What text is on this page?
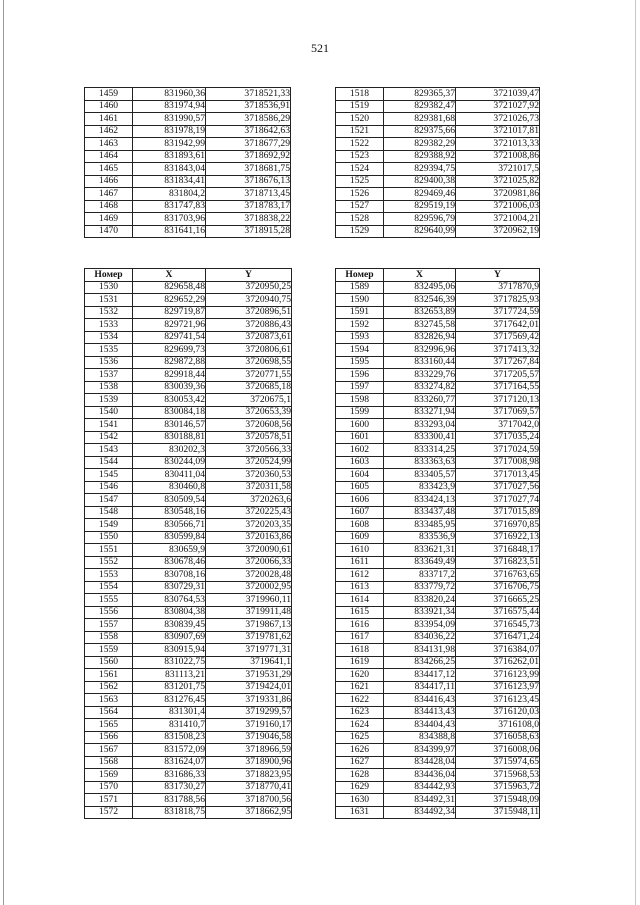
521
1459	831960,36	3718521,33
1460	831974,94	3718536,91
1461	831990,57	3718586,29
1462	831978,19	3718642,63
1463	831942,99	3718677,29
1464	831893,61	3718692,92
1465	831843,04	3718681,75
1466	831834,41	3718676,13
1467	831804,2	3718713,45
1468	831747,83	3718783,17
1469	831703,96	3718838,22
1470	831641,16	3718915,28
1518	829365,37	3721039,47
1519	829382,47	3721027,92
1520	829381,68	3721026,73
1521	829375,66	3721017,81
1522	829382,29	3721013,33
1523	829388,92	3721008,86
1524	829394,75	3721017,5
1525	829400,38	3721025,82
1526	829469,46	3720981,86
1527	829519,19	3721006,03
1528	829596,79	3721004,21
1529	829640,99	3720962,19
Номер	X	Y
1530	829658,48	3720950,25
1531	829652,29	3720940,75
1532	829719,87	3720896,51
1533	829721,96	3720886,43
1534	829741,54	3720873,61
1535	829699,73	3720806,61
1536	829872,88	3720698,55
1537	829918,44	3720771,55
1538	830039,36	3720685,18
1539	830053,42	3720675,1
1540	830084,18	3720653,39
1541	830146,57	3720608,56
1542	830188,81	3720578,51
1543	830202,3	3720566,33
1544	830244,09	3720524,99
1545	830411,04	3720360,53
1546	830460,8	3720311,58
1547	830509,54	3720263,6
1548	830548,16	3720225,43
1549	830566,71	3720203,35
1550	830599,84	3720163,86
1551	830659,9	3720090,61
1552	830678,46	3720066,33
1553	830708,16	3720028,48
1554	830729,31	3720002,95
1555	830764,53	3719960,11
1556	830804,38	3719911,48
1557	830839,45	3719867,13
1558	830907,69	3719781,62
1559	830915,94	3719771,31
1560	831022,75	3719641,1
1561	831113,21	3719531,29
1562	831201,75	3719424,01
1563	831276,45	3719331,86
1564	831301,4	3719299,57
1565	831410,7	3719160,17
1566	831508,23	3719046,58
1567	831572,09	3718966,59
1568	831624,07	3718900,96
1569	831686,33	3718823,95
1570	831730,27	3718770,41
1571	831788,56	3718700,56
1572	831818,75	3718662,95
Номер	X	Y
1589	832495,06	3717870,9
1590	832546,39	3717825,93
1591	832653,89	3717724,59
1592	832745,58	3717642,01
1593	832826,94	3717569,42
1594	832996,96	3717413,32
1595	833160,44	3717267,84
1596	833229,76	3717205,57
1597	833274,82	3717164,55
1598	833260,77	3717120,13
1599	833271,94	3717069,57
1600	833293,04	3717042,0
1601	833300,41	3717035,24
1602	833314,25	3717024,59
1603	833363,63	3717008,98
1604	833405,57	3717013,45
1605	833423,9	3717027,56
1606	833424,13	3717027,74
1607	833437,48	3717015,89
1608	833485,95	3716970,85
1609	833536,9	3716922,13
1610	833621,31	3716848,17
1611	833649,49	3716823,51
1612	833717,2	3716763,65
1613	833779,72	3716706,75
1614	833820,24	3716665,25
1615	833921,34	3716575,44
1616	833954,09	3716545,73
1617	834036,22	3716471,24
1618	834131,98	3716384,07
1619	834266,25	3716262,01
1620	834417,12	3716123,99
1621	834417,11	3716123,97
1622	834416,43	3716123,45
1623	834413,43	3716120,03
1624	834404,43	3716108,0
1625	834388,8	3716058,63
1626	834399,97	3716008,06
1627	834428,04	3715974,65
1628	834436,04	3715968,53
1629	834442,93	3715963,72
1630	834492,31	3715948,09
1631	834492,34	3715948,11
